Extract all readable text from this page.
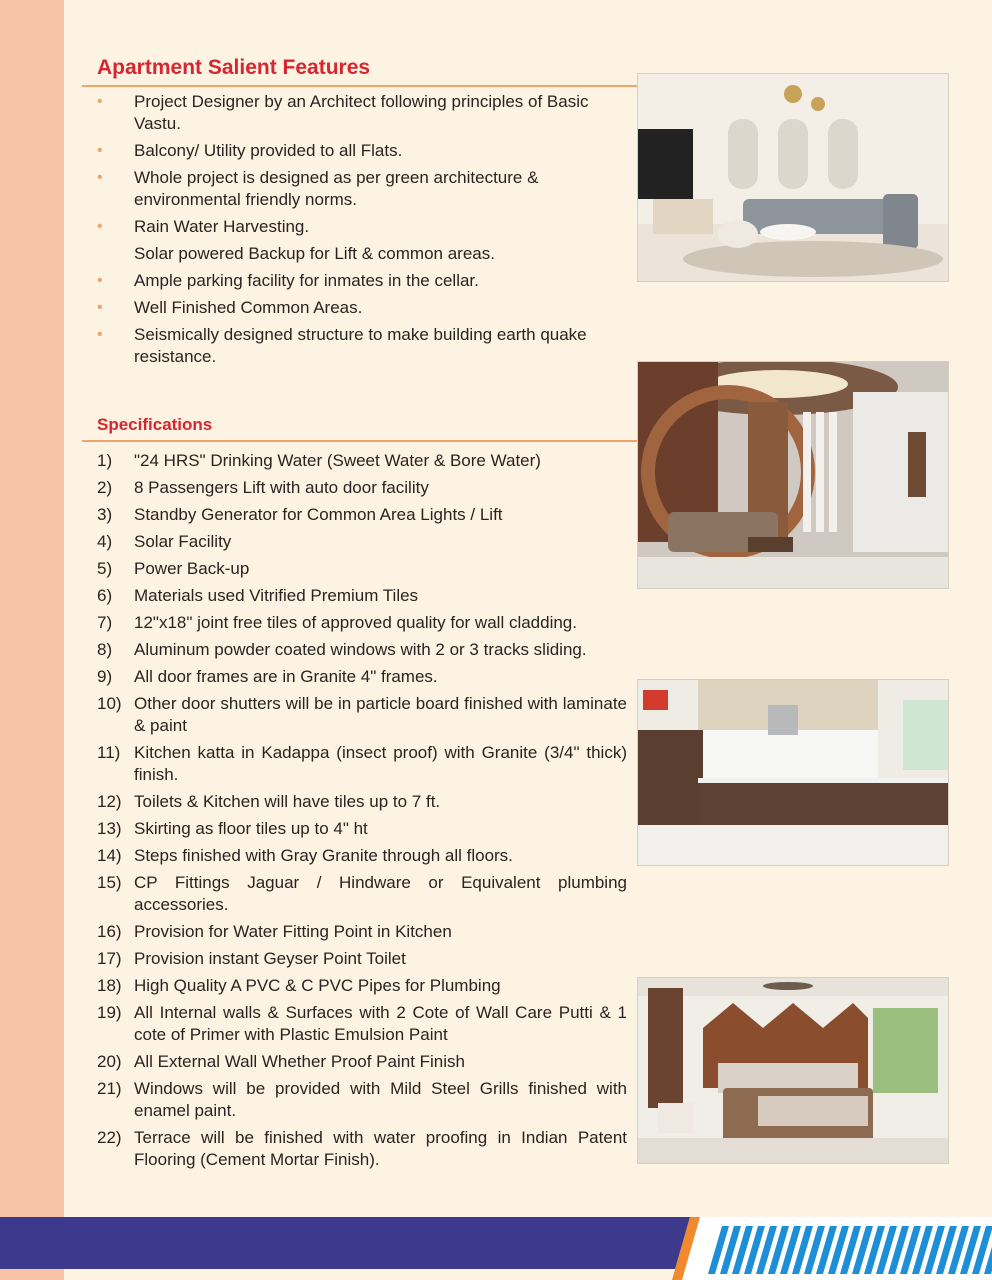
Apartment Salient Features
• Project Designer by an Architect following principles of Basic Vastu.
• Balcony/ Utility provided to all Flats.
• Whole project is designed as per green architecture & environmental friendly norms.
• Rain Water Harvesting.
Solar powered Backup for Lift & common areas.
• Ample parking facility for inmates in the cellar.
• Well Finished Common Areas.
• Seismically designed structure to make building earth quake resistance.
Specifications
1) "24 HRS" Drinking Water (Sweet Water & Bore Water)
2) 8 Passengers Lift with auto door facility
3) Standby Generator for Common Area Lights / Lift
4) Solar Facility
5) Power Back-up
6) Materials used Vitrified Premium Tiles
7) 12"x18" joint free tiles of approved quality for wall cladding.
8) Aluminum powder coated windows with 2 or 3 tracks sliding.
9) All door frames are in Granite 4" frames.
10) Other door shutters will be in particle board finished with laminate & paint
11) Kitchen katta in Kadappa (insect proof) with Granite (3/4" thick) finish.
12) Toilets & Kitchen will have tiles up to 7 ft.
13) Skirting as floor tiles up to 4" ht
14) Steps finished with Gray Granite through all floors.
15) CP Fittings Jaguar / Hindware or Equivalent plumbing accessories.
16) Provision for Water Fitting Point in Kitchen
17) Provision instant Geyser Point Toilet
18) High Quality A PVC & C PVC Pipes for Plumbing
19) All Internal walls & Surfaces with 2 Cote of Wall Care Putti & 1 cote of Primer with Plastic Emulsion Paint
20) All External Wall Whether Proof Paint Finish
21) Windows will be provided with Mild Steel Grills finished with enamel paint.
22) Terrace will be finished with water proofing in Indian Patent Flooring (Cement Mortar Finish).
